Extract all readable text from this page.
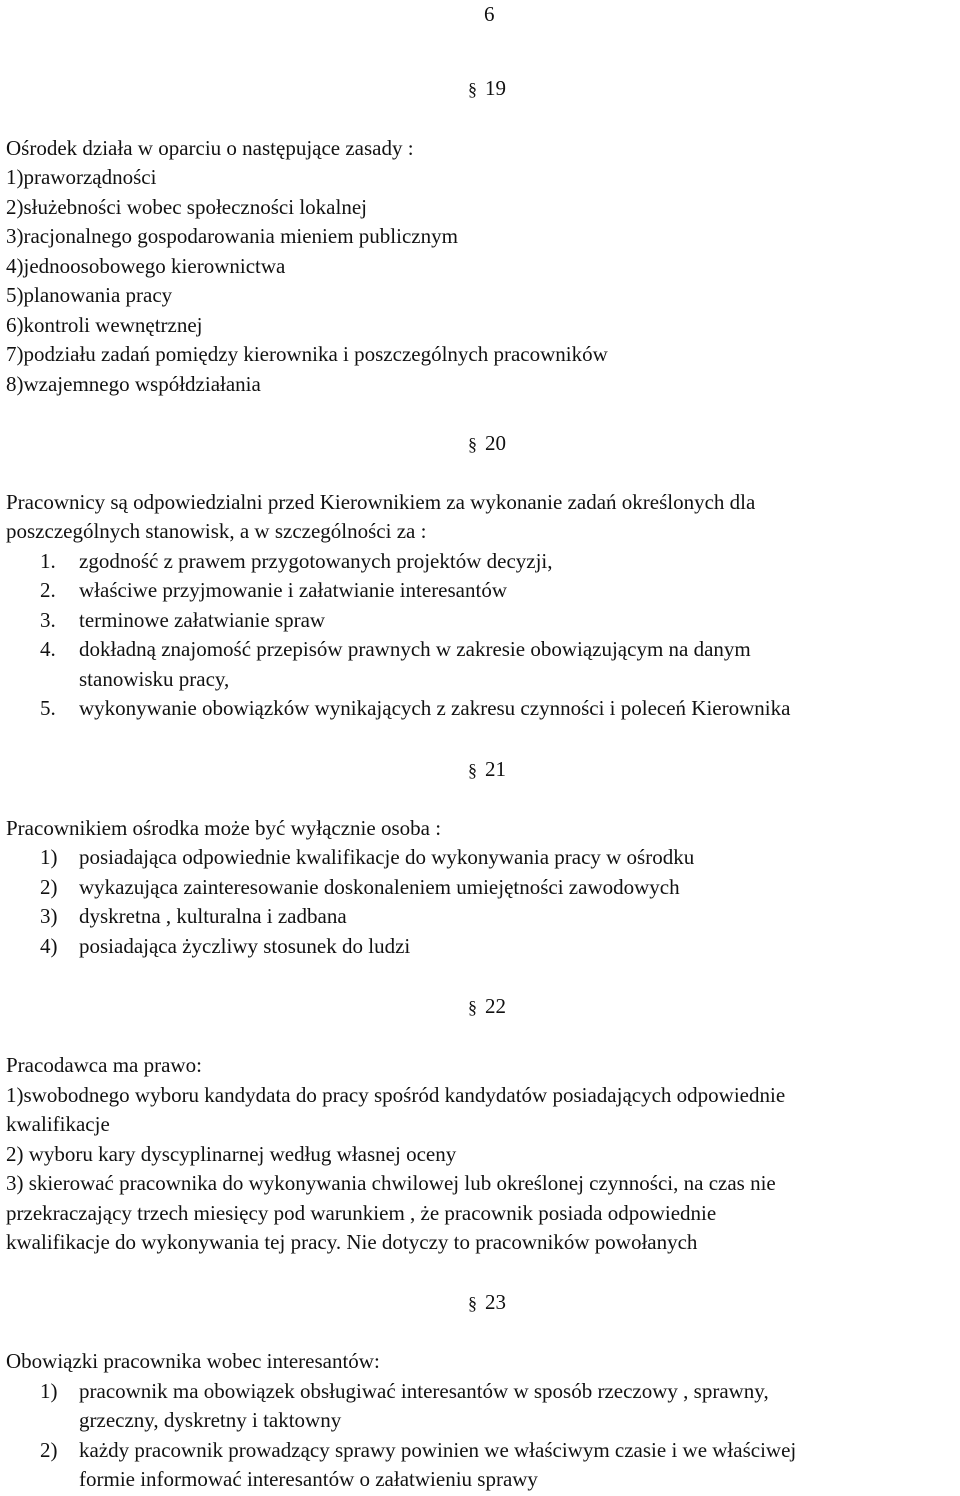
6
§ 19
Ośrodek działa w oparciu o następujące zasady :
1)praworządności
2)służebności wobec społeczności lokalnej
3)racjonalnego gospodarowania mieniem publicznym
4)jednoosobowego kierownictwa
5)planowania pracy
6)kontroli wewnętrznej
7)podziału zadań pomiędzy kierownika i poszczególnych pracowników
8)wzajemnego współdziałania
§ 20
Pracownicy są odpowiedzialni przed Kierownikiem za wykonanie zadań określonych dla
poszczególnych stanowisk, a w szczególności za :
1. zgodność z prawem przygotowanych projektów decyzji,
2. właściwe przyjmowanie i załatwianie interesantów
3. terminowe załatwianie spraw
4. dokładną znajomość przepisów prawnych w zakresie obowiązującym na danym
stanowisku pracy,
5. wykonywanie obowiązków wynikających z zakresu czynności i poleceń Kierownika
§ 21
Pracownikiem ośrodka może być wyłącznie osoba :
1) posiadająca odpowiednie kwalifikacje do wykonywania pracy w ośrodku
2) wykazująca zainteresowanie doskonaleniem umiejętności zawodowych
3) dyskretna , kulturalna i zadbana
4) posiadająca życzliwy stosunek do ludzi
§ 22
Pracodawca ma prawo:
1)swobodnego wyboru kandydata do pracy spośród kandydatów posiadających odpowiednie
kwalifikacje
2) wyboru kary dyscyplinarnej według własnej oceny
3) skierować pracownika do wykonywania chwilowej lub określonej czynności, na czas nie
przekraczający trzech miesięcy pod warunkiem , że pracownik posiada odpowiednie
kwalifikacje do wykonywania tej pracy. Nie dotyczy to pracowników powołanych
§ 23
Obowiązki pracownika wobec interesantów:
1) pracownik ma obowiązek obsługiwać interesantów w sposób rzeczowy , sprawny,
grzeczny, dyskretny i taktowny
2) każdy pracownik prowadzący sprawy powinien we właściwym czasie i we właściwej
formie informować interesantów o załatwieniu sprawy
